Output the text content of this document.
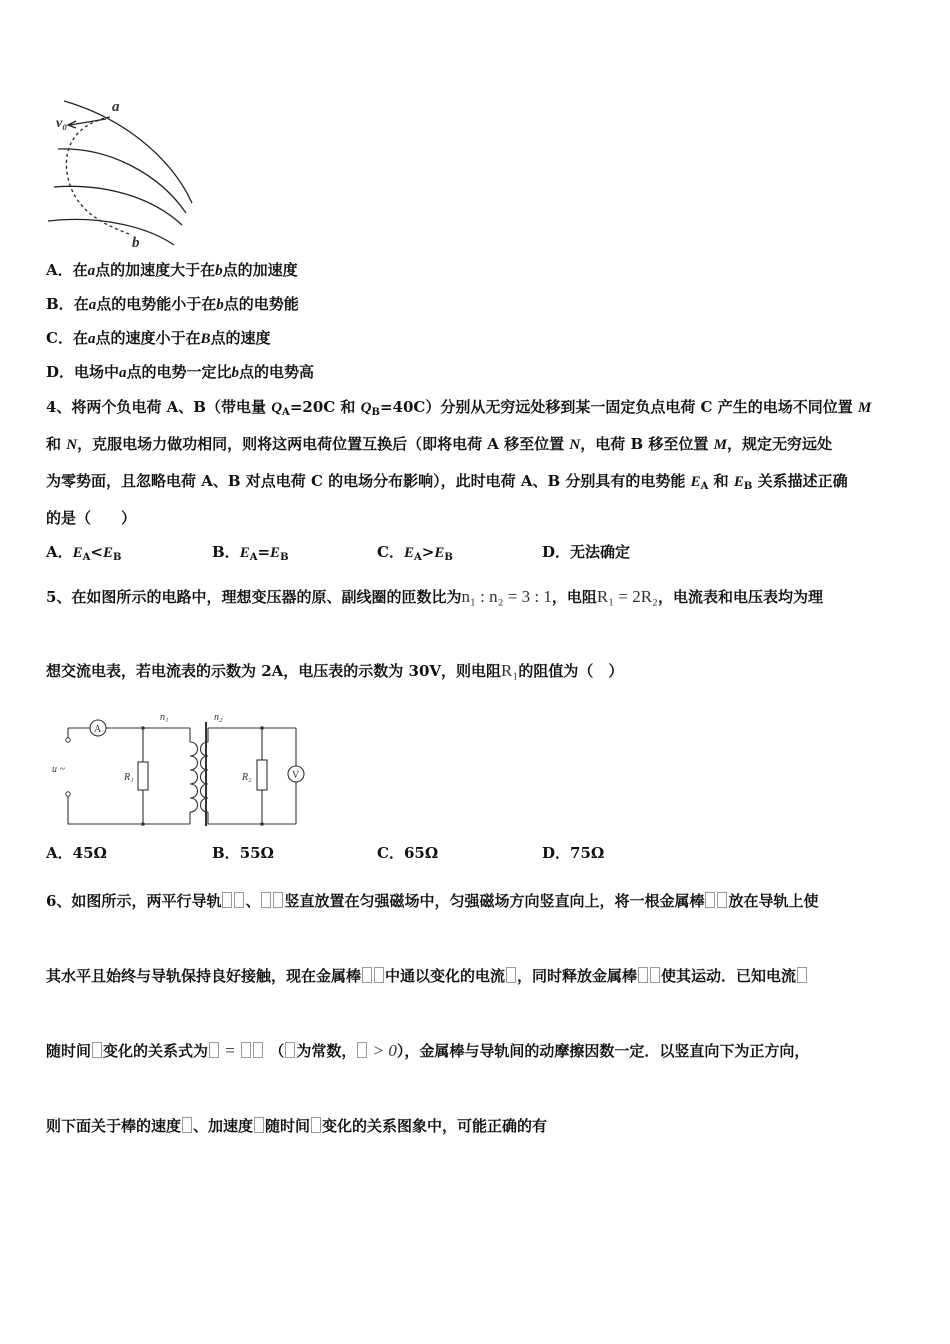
v₀
a
b
A．在a点的加速度大于在b点的加速度
B．在a点的电势能小于在b点的电势能
C．在a点的速度小于在B点的速度
D．电场中a点的电势一定比b点的电势高
4、将两个负电荷 A、B（带电量 $Q_A=20C$ 和 $Q_B=40C$）分别从无穷远处移到某一固定负点电荷 C 产生的电场不同位置 M
和 N，克服电场力做功相同，则将这两电荷位置互换后（即将电荷 A 移至位置 N，电荷 B 移至位置 M，规定无穷远处
为零势面，且忽略电荷 A、B 对点电荷 C 的电场分布影响），此时电荷 A、B 分别具有的电势能 $E_A$ 和 $E_B$ 关系描述正确
的是（　　）
A．$E_A<E_B$	B．$E_A=E_B$	C．$E_A>E_B$	D．无法确定
5、在如图所示的电路中，理想变压器的原、副线圈的匝数比为n₁ : n₂ = 3 : 1，电阻R₁ = 2R₂，电流表和电压表均为理
想交流电表，若电流表的示数为 2A，电压表的示数为 30V，则电阻R₁的阻值为（　）
A
V
n₁	n₂
R₁	R₂
u ~
A．45Ω	B．55Ω	C．65Ω	D．75Ω
6、如图所示，两平行导轨 、 竖直放置在匀强磁场中，匀强磁场方向竖直向上，将一根金属棒 放在导轨上使
其水平且始终与导轨保持良好接触，现在金属棒 中通以变化的电流 ，同时释放金属棒 使其运动．已知电流
随时间 变化的关系式为 = （ 为常数， > 0），金属棒与导轨间的动摩擦因数一定．以竖直向下为正方向，
则下面关于棒的速度 、加速度 随时间 变化的关系图象中，可能正确的有
